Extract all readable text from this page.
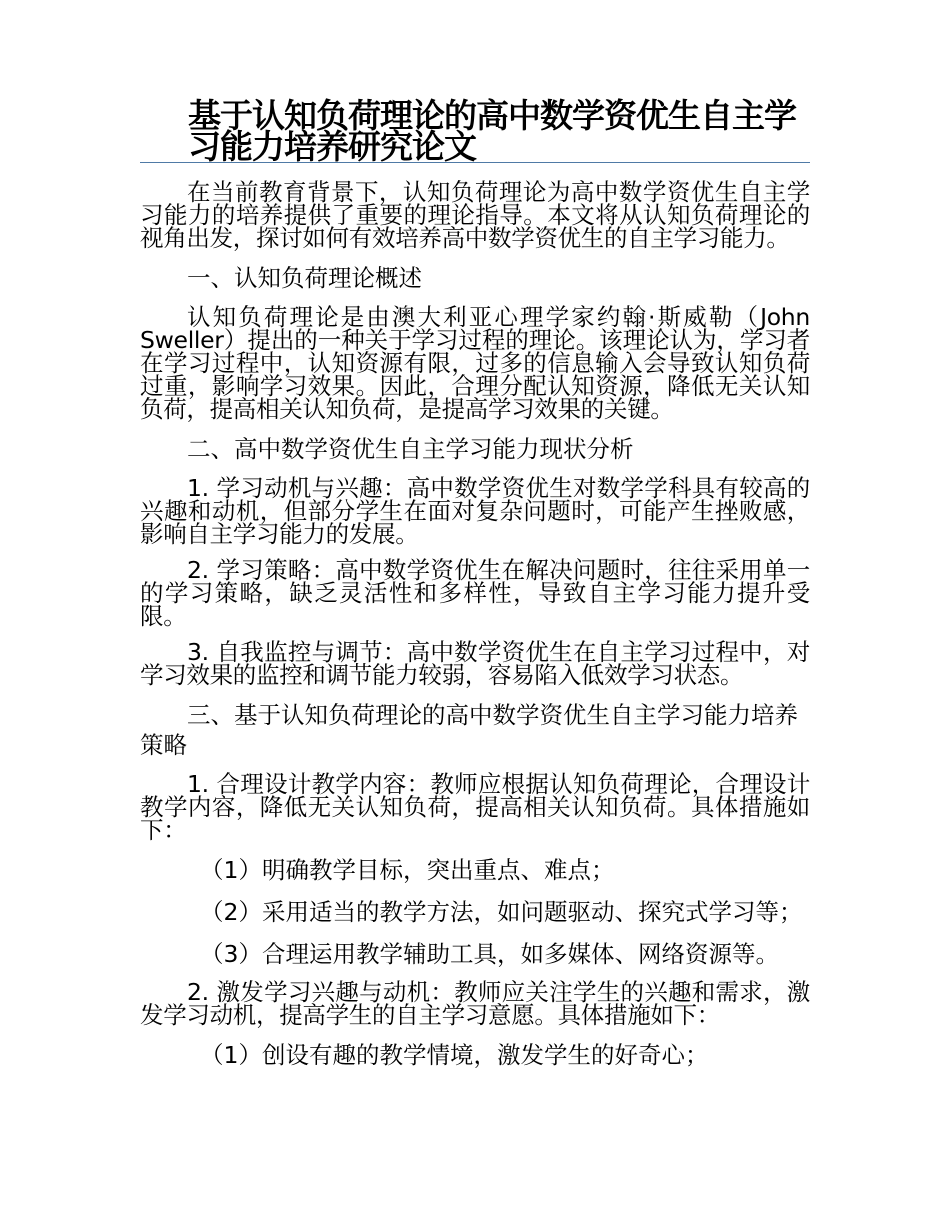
基于认知负荷理论的高中数学资优生自主学习能力培养研究论文

在当前教育背景下，认知负荷理论为高中数学资优生自主学习能力的培养提供了重要的理论指导。本文将从认知负荷理论的视角出发，探讨如何有效培养高中数学资优生的自主学习能力。

一、认知负荷理论概述

认知负荷理论是由澳大利亚心理学家约翰·斯威勒（John Sweller）提出的一种关于学习过程的理论。该理论认为，学习者在学习过程中，认知资源有限，过多的信息输入会导致认知负荷过重，影响学习效果。因此，合理分配认知资源，降低无关认知负荷，提高相关认知负荷，是提高学习效果的关键。

二、高中数学资优生自主学习能力现状分析

1. 学习动机与兴趣：高中数学资优生对数学学科具有较高的兴趣和动机，但部分学生在面对复杂问题时，可能产生挫败感，影响自主学习能力的发展。

2. 学习策略：高中数学资优生在解决问题时，往往采用单一的学习策略，缺乏灵活性和多样性，导致自主学习能力提升受限。

3. 自我监控与调节：高中数学资优生在自主学习过程中，对学习效果的监控和调节能力较弱，容易陷入低效学习状态。

三、基于认知负荷理论的高中数学资优生自主学习能力培养策略

1. 合理设计教学内容：教师应根据认知负荷理论，合理设计教学内容，降低无关认知负荷，提高相关认知负荷。具体措施如下：

（1）明确教学目标，突出重点、难点；

（2）采用适当的教学方法，如问题驱动、探究式学习等；

（3）合理运用教学辅助工具，如多媒体、网络资源等。

2. 激发学习兴趣与动机：教师应关注学生的兴趣和需求，激发学习动机，提高学生的自主学习意愿。具体措施如下：

（1）创设有趣的教学情境，激发学生的好奇心；
